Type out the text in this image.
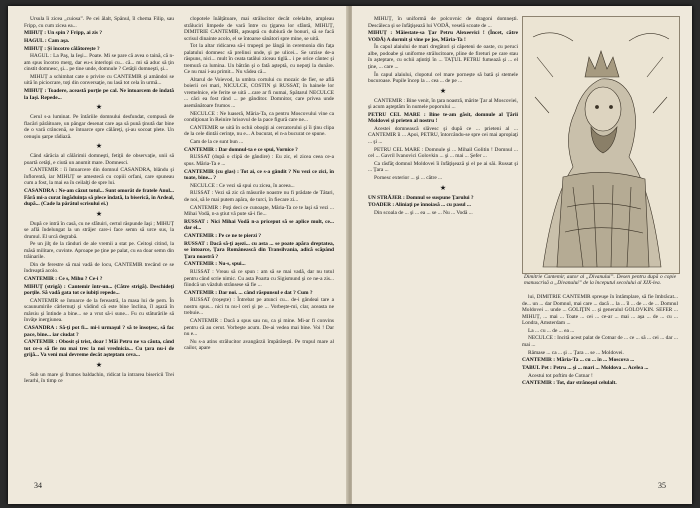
Ursula îi zicea „cuiosa”. Pe cei ălalt, Spânul, îl chema Filip, sau Fripp, cu cum zicea ea...

MIHUȚ : Un spin ? Fripp, ai zis ?

HAGUL : Cam aşa.

MIHUȚ : Și încotro călătoreşte ?

HAGUL : La Paş, la Ieşi... Poate. Mi se pare că avea o taină, că n-am spus încotro merg, dar eu-s interlopi cu... că... mi să aduc să ţin cinstit domnesc, şi... pe tine unde, domnule ? Cetăţii domneşti, şi...

MIHUȚ a schimbat cate o privire cu CANTEMIR şi amândoi se uită în piciocrare, toţi din conversaţie, nu lasă tot cela în urmă...

MIHUȚ : Toadere, această porţie pe cal. Ne întoarcem de îndată la Iaşi. Repede...

★

Cerul s-a luminat. Pe întăriile domnului desfundat, compusă de flacări pârâitoare, un pângar desenat care aşa să pună ţinută dar bine de o vară crâncenă, se întoarce spre călăreţi, şi-au socoat plete. Un cenuşiu șarpe rădiază.

★

Când sărăcia al călărimii domneşti, fetiţii de observaţie, unii să poartă cetăţi, e ciută un anumit mare. Domnesci.

CANTEMIR : îi întoarcere din domnul CASANDRA, blându şi înflorentă, iar MIHUȚ se amestecă cu copiii orfani, care spuneau cum a fost, la mai ea în ceilalţi de spre lui.

CASANDRA : Ne-am căzut totul... Sunt omorât de fratele Anul... Fără mi-a curat îngăduinţa să plece îndată, la biserică, în Ardeal, după... (Cade la pârâtul scrisului ei.)

★

După ce intră în casă, cu ne sfătuiri, certul răspunde Iaşi ; MIHUȚ se află îndelungat la un strâjer care-i face semn să urce sus, la drumul. El urcă degrabă.

Pe un jilţ de la rânduri de ale vremii a stat pe. Ceitoşi citind, la măsă militare, cuvinte. Aproape pe ţine pe palat, cu ea doar semn din trăinarile.

Din de ferestre să mai vadă de locu, CANTEMIR trecând ce se îndreaptă acolo.

CANTEMIR : Ce s, Mihu ? Ce-i ?

MIHUȚ (strigă) : Cantemir într-un... (Către strigă). Deschideţi porţile. Să vadă gata tot ce iubiţi repede...

CANTEMIR se întoarce de la fereastră, la masa lui de pern. În scaunumirile cârlernuţi şi vădind că este bine înclina, îl aşază în mârsiu şi întinde a bine... se a vrut să-i sune... Fu cu stăturările să învăţe inergiunea.

CASANDRA : Să-ţi pot fi... mi-i urmaşul ? să te însoţesc, să fac pace, bine... iar ciudat ?

CANTEMIR : Obosit şi trist, doar ! Măi Petru ne va căuta, când tot ce-o să fie nu mai trec la noi vrednicia... Cu ţara nu-i de grijă... Va veni mai devreme decât aşteptam ceva...

★

Sub un mare şi frumos baldachin, ridicat la intrarea bisericii Trei Ierarhi, în timp ce

clopotele înălţătoare, mai strălucitor decât celelalte, ampleau străluciri limpede de vară între cu ţigarea lor sfântă, MIHUȚ, DIMITRIE CANTEMIR, aşteaptă cu dubiură de bonuri, să se facă scrisul dinainte acolo, el se întoarse sânători spre mine, se uită.

Tot la altar ridicarea să-i trupeşti pe lângă in ceremonia din faţa palatului domnesc să prelinsi unde, şi pe ulicei... Se urzise de-a răspuns, nici... mult în ceata tatălui ziceau tiglă... i pe orice cântec şi tremură ca lumina. Un bătrân şi o fată aşteptă, cu nepoţi la dunăre. Ce nu mai i-au primit... Nu vădea că...

Altarul de Voievod, la umbra cortului cu mozaic de fier, se află boierii cei mari, NICULCE, COSTIN şi RUSSAT, în hainele lor vremelnice, ele ferite se uită ...care ar fi numai, Spătarul NECULCE ... căci ea fost rând ... pe gânditor. Domnitor, care privea unde asemănătoare frumos ...

NECULCE : Ne luaseră, Măria-Ta, ca pentru Moscovului vine ca condiţionat în Reinire hrisovul de la pace figură care ne...

CANTEMIR se uită în ochii oboşiţi ai cercatorului şi îi ţinu clipa de la cele dintâi cerinţe, nu e... A bucurat, el n-a bucurat ce spune.

Cam de la ce sunt bun ...

CANTEMIR : Dar domnul-ta e ce spui, Vornice ?

RUSSAT (după o clipă de gândire) : Eu zic, el zicea ceea ce-a spus. Măria-Ta e ...

CANTEMIR (cu glas) : Tot ai, ce s-a gândit ? Nu vezi ce zici, în toate, bine... ?

NECULCE : Ce vezi să spui cu zicea, în aceea...

RUSSAT : Vezi să zic că măsurile noastre nu fi prădate de Tătari, de noi, să le mai putem apăra, de turci, în fiecare zi...

CANTEMIR : Poţi deci ce cunoaşte, Măria-Ta ce te laşi să vezi ... Mihai Vodă, n-a ştiut vă pute să-i fie...

RUSSAT : Nici Mihai Vodă n-a priceput să se aplice mult, ce... dar el...

CANTEMIR : Pe ce ne te pierzi ?

RUSSAT : Dacă să-ţi aşezi... cu asta ... se poate apăra dreptatea, se întoarce, Ţara Românească din Transilvania, adică scăpând Ţara noastră ?

CANTEMIR : Nu-s, spui...

RUSSAT : Vreau să ce spun : am să se mai vadă, dar nu totul pentru când scrie nimic. Cu asta Poarta cu Sigismund şi ce ne-a zis... fiindcă un văzduh strânsese să fie ...

CANTEMIR : Dar noi. ... când răspunsul e dat ? Cum ?

RUSSAT (roşeşte) : Întrebat pe atunci cu... de-i gândeai tare a nostru spus... nici tu nu-l ceri şi pe ... Vorbeşte-mi, clar, aceasta ne trebuie...

CANTEMIR : Dacă a spus sau nu, ca şi mine. Mi-ar fi convins pentru că au cerut. Vorbeşte acum. De-ai vedea mai bine. Voi ! Dar nu e...

Nu s-a atins strălucitor avangărzii împărăteşti. Pe trupul mare al cailor, apare

34

MIHUȚ, în uniformă de polcovnic de dragoni domneşti. Descăleca şi se înfăţişează lui VODĂ, veselă scoate de ...

MIHUȚ : Măiestate-sa Ţar Petru Alexeevici ! (Încet, către VODĂ) A dormit şi vine pe jos, Măria-Ta !

În capul alaiului de mari dregători şi căpeteni de oaste, cu peruci albe, podoabe şi uniforme strălucitoare, pline de fireturi pe care stau în aşteptare, cu ochii aţintiţi în ... TAȚUL PETRU fumează şi ... el ţine, ... care ...

În capul alaiului, clopotul cel mare pornește să bată şi stemele bucuroase. Pupile încep la ... cea ... de pe ...

★

CANTEMIR : Bine venit, în ţara noastră, mărite Ţar al Moscoviei, şi acum aşteptăm în numele poporului ...

PETRU CEL MARE : Bine te-am găsit, domnule al Ţării Moldovei şi prieten al nostru !

Acestei domnească slăvesc şi după ce ... prieteni al ... CANTEMIR îi ... Apoi, PETRU, întorcându-se spre cei mai apropiaţi ... şi ...

PETRU CEL MARE : Domnule şi ... Mihail Golitin ! Domnul ... cel ... Gavril Ivanovici Golovkin ... şi ... mai ... Şefer ...

Ca răsfăţ domnul Moldovei îi înfăţişează şi el pe ai săi. Russat şi ... Ţara ...

Pornesc exterior ... şi ... către ...

★

UN STRĂJER : Domnul se suspune Ţarului ?

TOADER : Aliniaţi pe înnoiasă ... cu pasul ...

Din scoala de ... şi ... ea ... se ... Nu ... Vodă ...

Dimitrie Cantemir, autor al „Divanului”. Desen pentru după o copie manuscrisă a „Divanului” de la începutul secolului al XIX-lea.

lui, DIMITRIE CANTEMIR spreuşe în întâmplare, să fie îmbrăcat... de... un ... dar Domnul, mai care ... dacă ... la ... îl ... de ... de ... Domnul Moldovei ... unde ... GOLIŢIN ... şi generalul GOLOVKIN. SEFER ... MIHUȚ, ... mai ... Toate ... cei ... ce-ar ... mai ... aşa ... de ... cu ... Londra, Amsterdam ...

La ... cu ... de ... ea ...

NECULCE : Incită acest palat de Cotnar de ... ce ... să ... cei ... dar ... mai ...

Râmase ... ca ... şi ... Ţara ... se ... Moldovei.

CANTEMIR : Măria-Ta ... cu ... în ... Moscova ...

TABUL Pet : Petru ... şi ... mari ... Moldova ... Acelea ...

Acestui tot poftim de Cotnar !

CANTEMIR : Tot, dar strănoşul celulalt.

35
